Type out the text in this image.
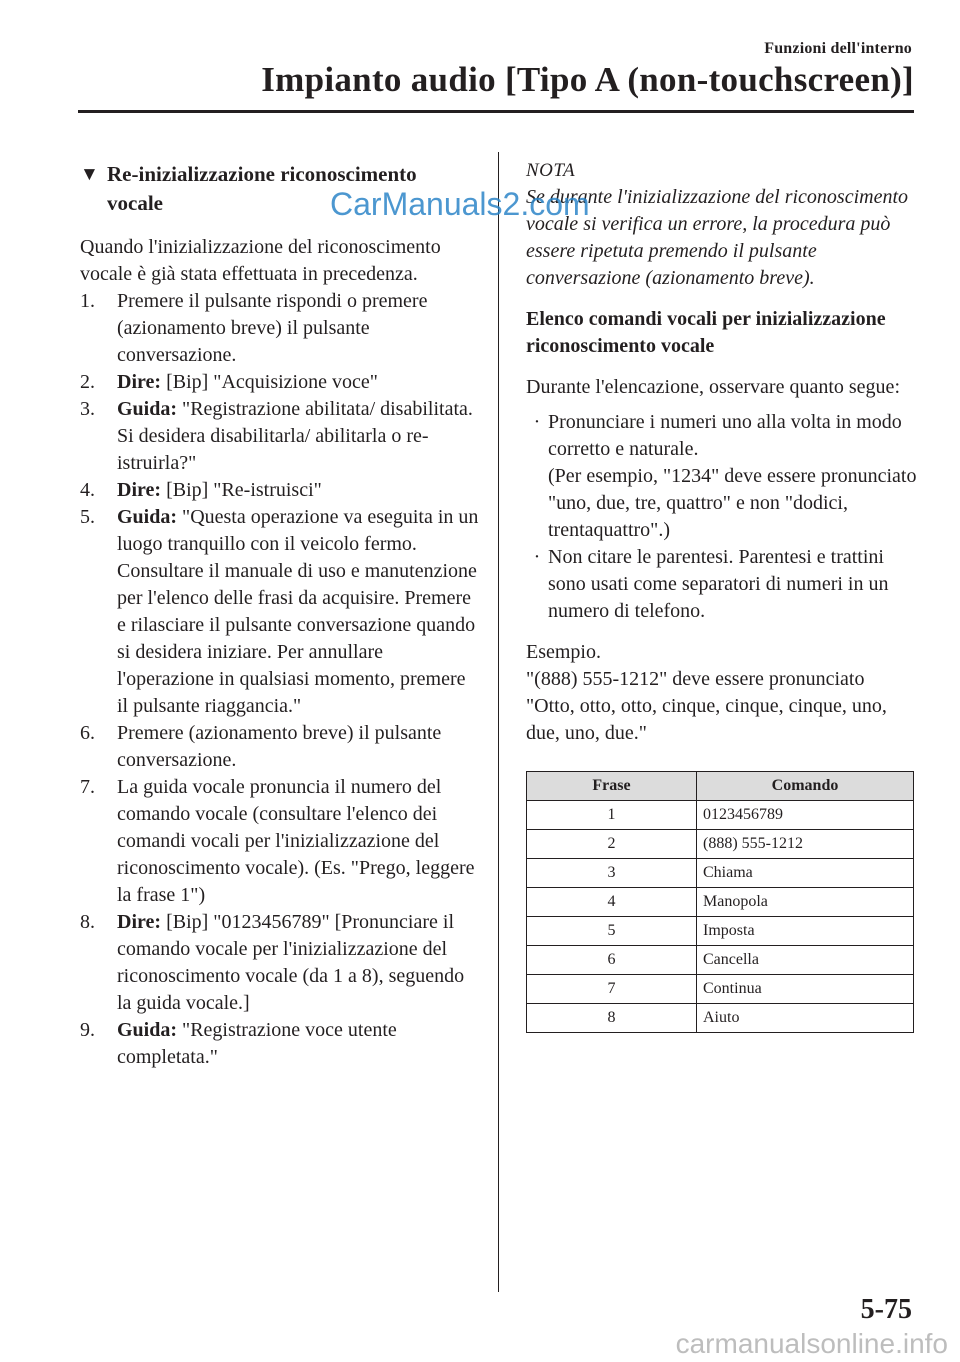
Funzioni dell'interno
Impianto audio [Tipo A (non-touchscreen)]
▼ Re-inizializzazione riconoscimento
vocale

Quando l'inizializzazione del riconoscimento vocale è già stata effettuata in precedenza.

1.	Premere il pulsante rispondi o premere (azionamento breve) il pulsante conversazione.
2.	Dire: [Bip] "Acquisizione voce"
3.	Guida: "Registrazione abilitata/ disabilitata. Si desidera disabilitarla/ abilitarla o re-istruirla?"
4.	Dire: [Bip] "Re-istruisci"
5.	Guida: "Questa operazione va eseguita in un luogo tranquillo con il veicolo fermo. Consultare il manuale di uso e manutenzione per l'elenco delle frasi da acquisire. Premere e rilasciare il pulsante conversazione quando si desidera iniziare. Per annullare l'operazione in qualsiasi momento, premere il pulsante riaggancia."
6.	Premere (azionamento breve) il pulsante conversazione.
7.	La guida vocale pronuncia il numero del comando vocale (consultare l'elenco dei comandi vocali per l'inizializzazione del riconoscimento vocale). (Es. "Prego, leggere la frase 1")
8.	Dire: [Bip] "0123456789" [Pronunciare il comando vocale per l'inizializzazione del riconoscimento vocale (da 1 a 8), seguendo la guida vocale.]
9.	Guida: "Registrazione voce utente completata."
NOTA

Se durante l'inizializzazione del riconoscimento vocale si verifica un errore, la procedura può essere ripetuta premendo il pulsante conversazione (azionamento breve).

Elenco comandi vocali per inizializzazione riconoscimento vocale

Durante l'elencazione, osservare quanto segue:

· Pronunciare i numeri uno alla volta in modo corretto e naturale.
(Per esempio, "1234" deve essere pronunciato "uno, due, tre, quattro" e non "dodici, trentaquattro".)
· Non citare le parentesi. Parentesi e trattini sono usati come separatori di numeri in un numero di telefono.

Esempio.
"(888) 555-1212" deve essere pronunciato "Otto, otto, otto, cinque, cinque, cinque, uno, due, uno, due."

Frase	Comando
1	0123456789
2	(888) 555-1212
3	Chiama
4	Manopola
5	Imposta
6	Cancella
7	Continua
8	Aiuto
CarManuals2.com
5-75
carmanualsonline.info
